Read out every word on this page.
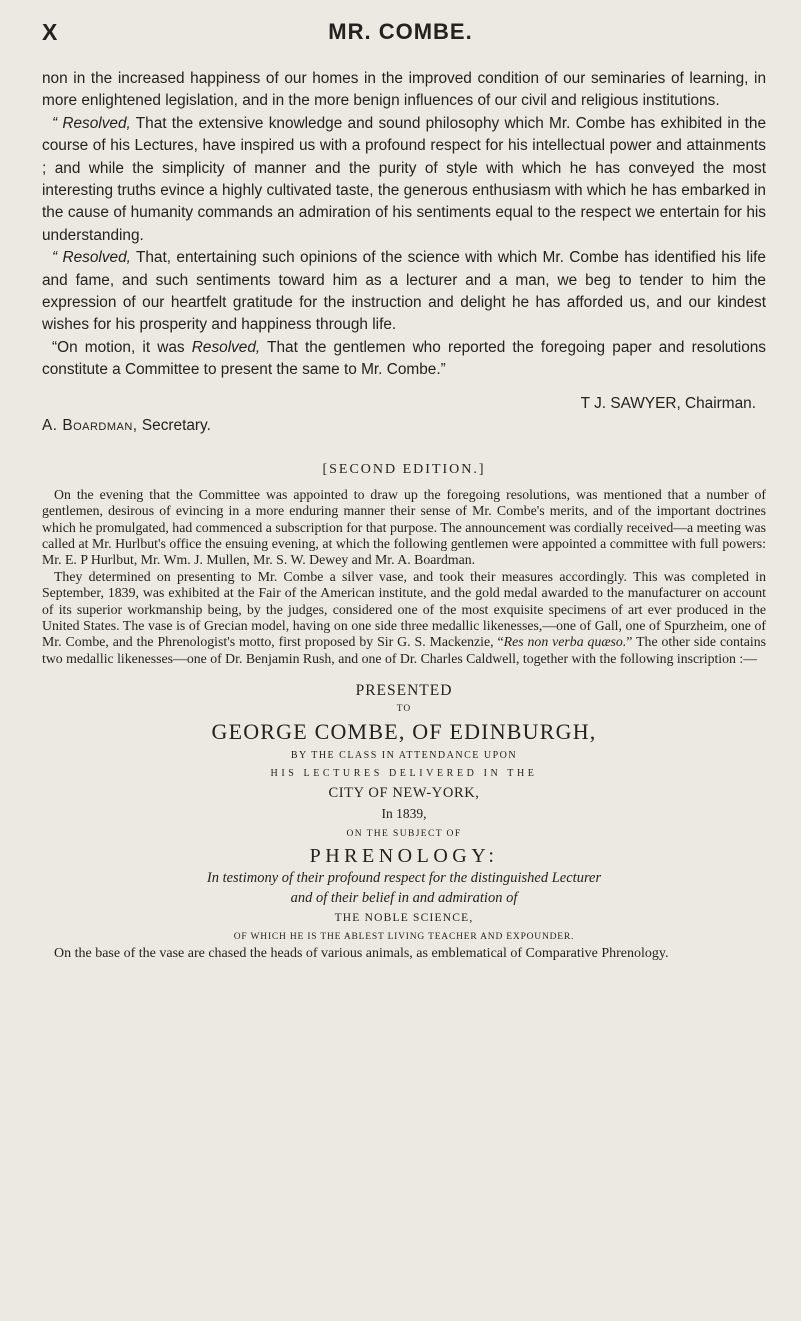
X	MR. COMBE.

non in the increased happiness of our homes in the improved condition of our seminaries of learning, in more enlightened legislation, and in the more benign influences of our civil and religious institutions.

“ Resolved, That the extensive knowledge and sound philosophy which Mr. Combe has exhibited in the course of his Lectures, have inspired us with a profound respect for his intellectual power and attainments ; and while the simplicity of manner and the purity of style with which he has conveyed the most interesting truths evince a highly cultivated taste, the generous enthusiasm with which he has embarked in the cause of humanity commands an admiration of his sentiments equal to the respect we entertain for his understanding.

“ Resolved, That, entertaining such opinions of the science with which Mr. Combe has identified his life and fame, and such sentiments toward him as a lecturer and a man, we beg to tender to him the expression of our heartfelt gratitude for the instruction and delight he has afforded us, and our kindest wishes for his prosperity and happiness through life.

“On motion, it was Resolved, That the gentlemen who reported the foregoing paper and resolutions constitute a Committee to present the same to Mr. Combe.”

T J. SAWYER, Chairman.
A. Boardman, Secretary.
[SECOND EDITION.]

On the evening that the Committee was appointed to draw up the foregoing resolutions, was mentioned that a number of gentlemen, desirous of evincing in a more enduring manner their sense of Mr. Combe's merits, and of the important doctrines which he promulgated, had commenced a subscription for that purpose. The announcement was cordially received—a meeting was called at Mr. Hurlbut's office the ensuing evening, at which the following gentlemen were appointed a committee with full powers: Mr. E. P Hurlbut, Mr. Wm. J. Mullen, Mr. S. W. Dewey and Mr. A. Boardman.

They determined on presenting to Mr. Combe a silver vase, and took their measures accordingly. This was completed in September, 1839, was exhibited at the Fair of the American institute, and the gold medal awarded to the manufacturer on account of its superior workmanship being, by the judges, considered one of the most exquisite specimens of art ever produced in the United States. The vase is of Grecian model, having on one side three medallic likenesses,—one of Gall, one of Spurzheim, one of Mr. Combe, and the Phrenologist's motto, first proposed by Sir G. S. Mackenzie, “Res non verba quæso.” The other side contains two medallic likenesses—one of Dr. Benjamin Rush, and one of Dr. Charles Caldwell, together with the following inscription :—

PRESENTED
TO
GEORGE COMBE, OF EDINBURGH,
BY THE CLASS IN ATTENDANCE UPON
HIS LECTURES DELIVERED IN THE
CITY OF NEW-YORK,
In 1839,
ON THE SUBJECT OF
PHRENOLOGY:
In testimony of their profound respect for the distinguished Lecturer
and of their belief in and admiration of
THE NOBLE SCIENCE,
OF WHICH HE IS THE ABLEST LIVING TEACHER AND EXPOUNDER.

On the base of the vase are chased the heads of various animals, as emblematical of Comparative Phrenology.
